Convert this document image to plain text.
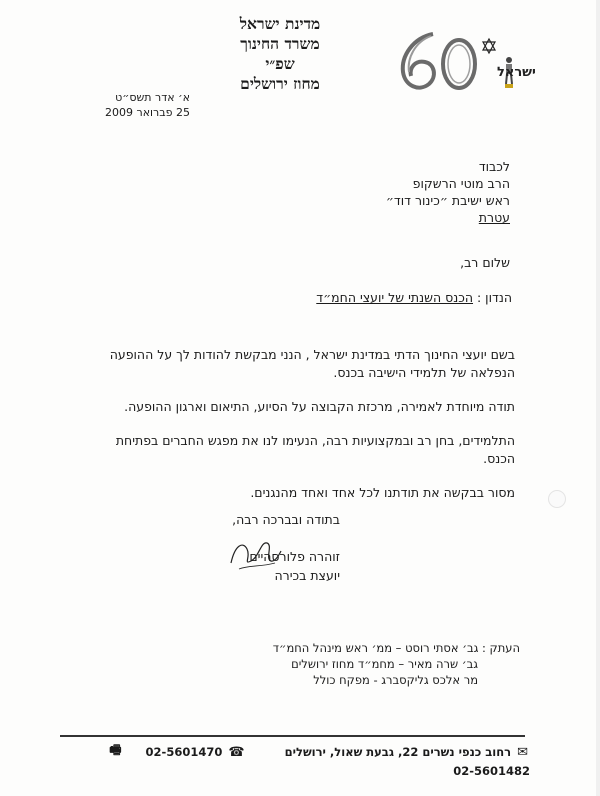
מדינת ישראל
משרד החינוך
שפ״י
מחוז ירושלים
ישראל
א׳ אדר תשס״ט
25 פברואר 2009
לכבוד
הרב מוטי הרשקופ
ראש ישיבת ״כינור דוד״
עטרת
שלום רב,
הנדון : הכנס השנתי של יועצי החמ״ד

בשם יועצי החינוך הדתי במדינת ישראל , הנני מבקשת להודות לך על ההופעה הנפלאה של תלמידי הישיבה בכנס.

תודה מיוחדת לאמירה, מרכזת הקבוצה על הסיוע, התיאום וארגון ההופעה.

התלמידים, בחן רב ובמקצועיות רבה, הנעימו לנו את מפגש החברים בפתיחת הכנס.

מסור בבקשה את תודתנו לכל אחד ואחד מהנגנים.

בתודה ובברכה רבה,
זוהרה פלורסהיים
יועצת בכירה
העתק : גב׳ אסתי רוסט – ממ׳ ראש מינהל החמ״ד
גב׳ שרה מאיר – מחמ״ד מחוז ירושלים
מר אלכס גליקסברג - מפקח כולל
✉ רחוב כנפי נשרים 22, גבעת שאול, ירושלים  ☎ 02-5601470  🖷 02-5601482
